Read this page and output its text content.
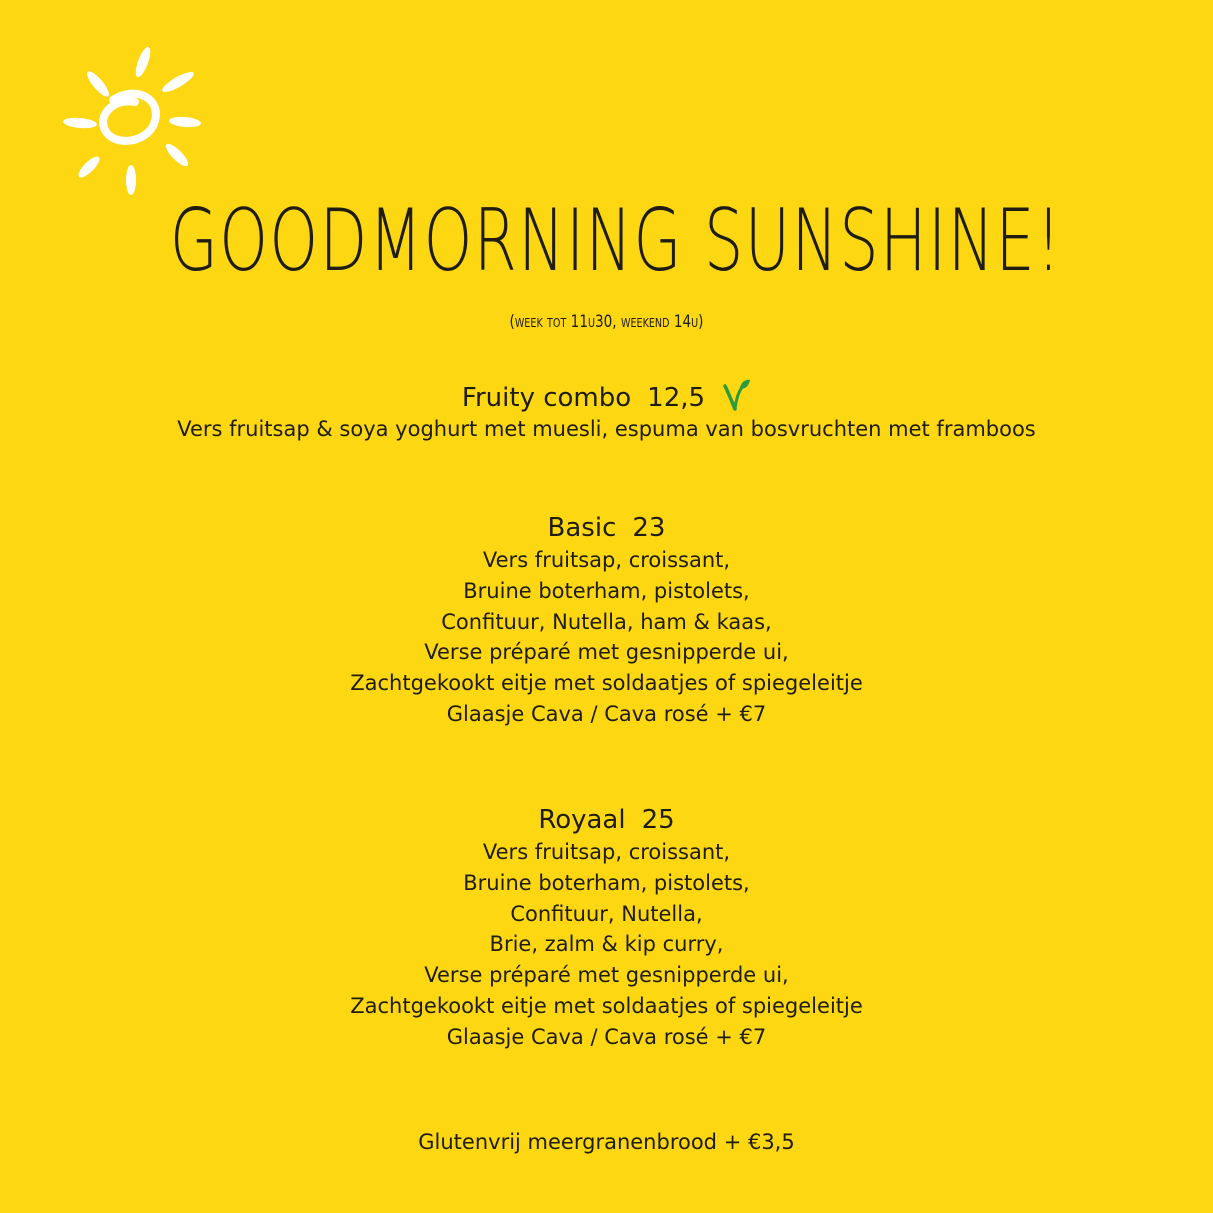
GOODMORNING SUNSHINE!
(week tot 11u30, weekend 14u)
Fruity combo 12,5
Vers fruitsap & soya yoghurt met muesli, espuma van bosvruchten met framboos
Basic 23
Vers fruitsap, croissant,
Bruine boterham, pistolets,
Confituur, Nutella, ham & kaas,
Verse préparé met gesnipperde ui,
Zachtgekookt eitje met soldaatjes of spiegeleitje
Glaasje Cava / Cava rosé + €7
Royaal 25
Vers fruitsap, croissant,
Bruine boterham, pistolets,
Confituur, Nutella,
Brie, zalm & kip curry,
Verse préparé met gesnipperde ui,
Zachtgekookt eitje met soldaatjes of spiegeleitje
Glaasje Cava / Cava rosé + €7
Glutenvrij meergranenbrood + €3,5
